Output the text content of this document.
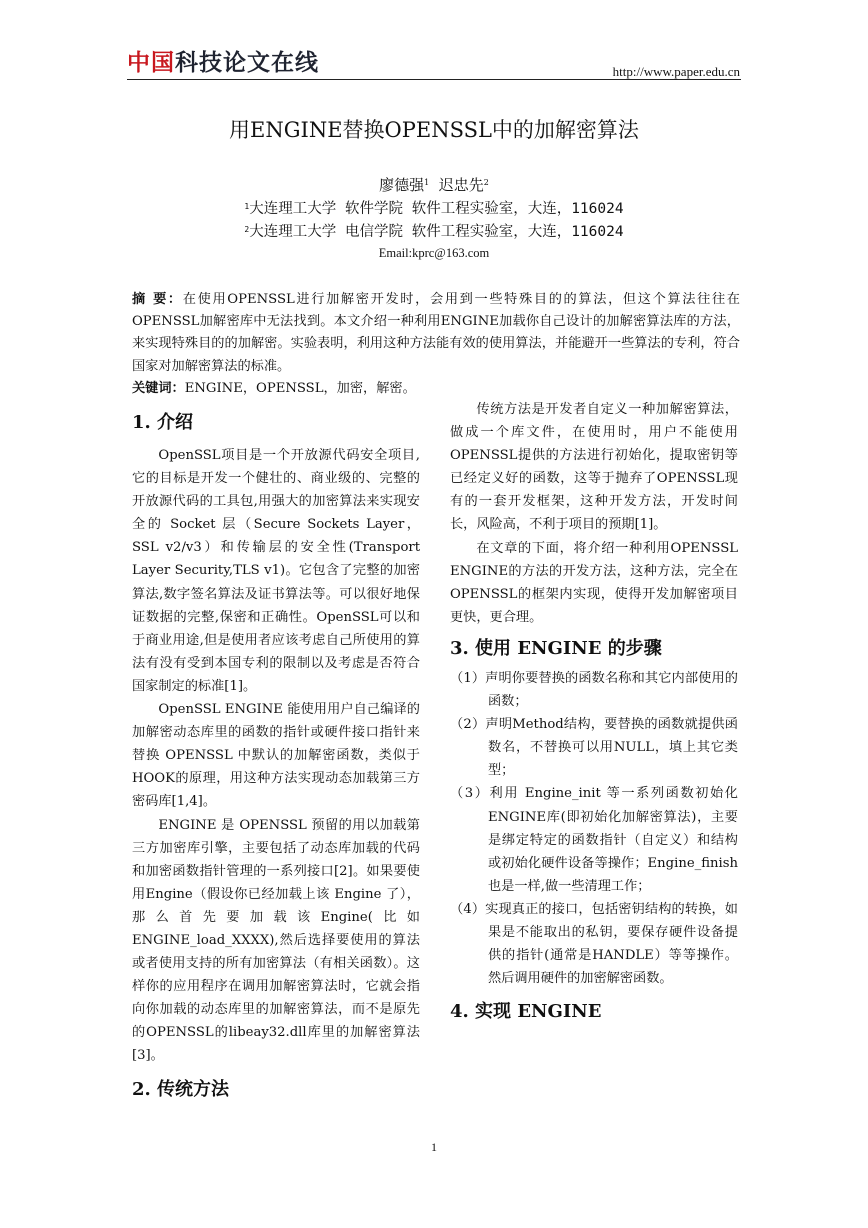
中国科技论文在线	http://www.paper.edu.cn
用ENGINE替换OPENSSL中的加解密算法
廖德强$^1$ 迟忠先$^2$
$^1$大连理工大学 软件学院 软件工程实验室，大连，116024
$^2$大连理工大学 电信学院 软件工程实验室，大连，116024
Email:kprc@163.com
摘 要：在使用OPENSSL进行加解密开发时，会用到一些特殊目的的算法，但这个算法往往在OPENSSL加解密库中无法找到。本文介绍一种利用ENGINE加载你自己设计的加解密算法库的方法，来实现特殊目的的加解密。实验表明，利用这种方法能有效的使用算法，并能避开一些算法的专利，符合国家对加解密算法的标准。
关键词：ENGINE，OPENSSL，加密，解密。
1. 介绍

OpenSSL项目是一个开放源代码安全项目,它的目标是开发一个健壮的、商业级的、完整的开放源代码的工具包,用强大的加密算法来实现安全的 Socket 层（Secure Sockets Layer，SSL v2/v3）和传输层的安全性(Transport Layer Security,TLS v1)。它包含了完整的加密算法,数字签名算法及证书算法等。可以很好地保证数据的完整,保密和正确性。OpenSSL可以和于商业用途,但是使用者应该考虑自己所使用的算法有没有受到本国专利的限制以及考虑是否符合国家制定的标准[1]。

OpenSSL ENGINE 能使用用户自己编译的加解密动态库里的函数的指针或硬件接口指针来替换 OPENSSL 中默认的加解密函数，类似于HOOK的原理，用这种方法实现动态加载第三方密码库[1,4]。

ENGINE 是 OPENSSL 预留的用以加载第三方加密库引擎，主要包括了动态库加载的代码和加密函数指针管理的一系列接口[2]。如果要使用Engine（假设你已经加载上该 Engine 了），那么首先要加载该Engine(比如ENGINE_load_XXXX),然后选择要使用的算法或者使用支持的所有加密算法（有相关函数）。这样你的应用程序在调用加解密算法时，它就会指向你加载的动态库里的加解密算法，而不是原先的OPENSSL的libeay32.dll库里的加解密算法[3]。

2. 传统方法

传统方法是开发者自定义一种加解密算法，做成一个库文件，在使用时，用户不能使用OPENSSL提供的方法进行初始化，提取密钥等已经定义好的函数，这等于抛弃了OPENSSL现有的一套开发框架，这种开发方法，开发时间长，风险高，不利于项目的预期[1]。

在文章的下面，将介绍一种利用OPENSSL ENGINE的方法的开发方法，这种方法，完全在OPENSSL的框架内实现，使得开发加解密项目更快，更合理。

3. 使用 ENGINE 的步骤
（1）声明你要替换的函数名称和其它内部使用的函数；
（2）声明Method结构，要替换的函数就提供函数名，不替换可以用NULL，填上其它类型；
（3）利用 Engine_init 等一系列函数初始化ENGINE库(即初始化加解密算法)，主要是绑定特定的函数指针（自定义）和结构或初始化硬件设备等操作；Engine_finish也是一样,做一些清理工作；
（4）实现真正的接口，包括密钥结构的转换，如果是不能取出的私钥，要保存硬件设备提供的指针(通常是HANDLE）等等操作。然后调用硬件的加密解密函数。
4. 实现 ENGINE
1
